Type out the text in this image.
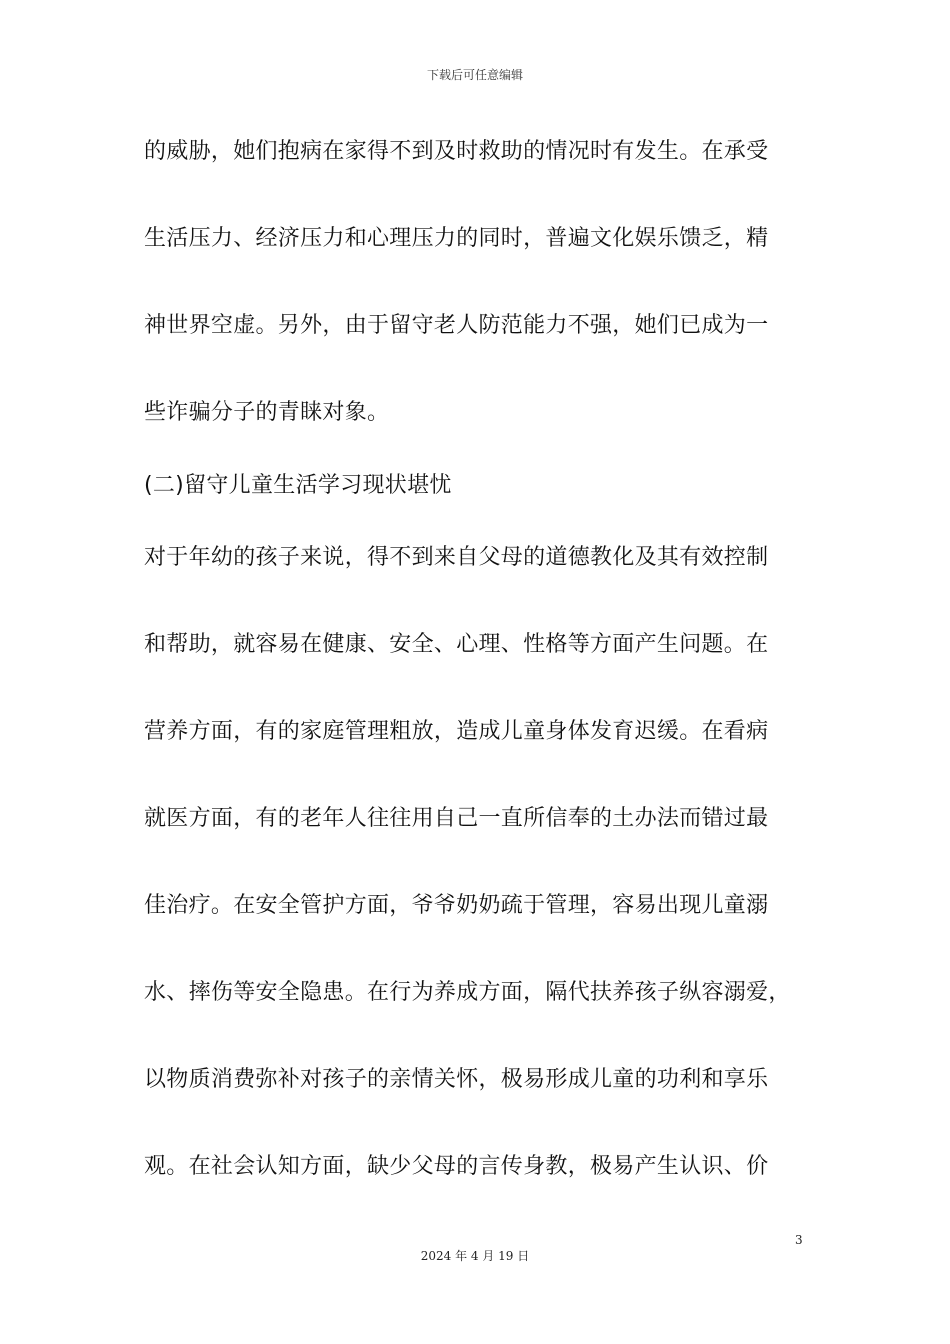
下载后可任意编辑
的威胁，她们抱病在家得不到及时救助的情况时有发生。在承受
生活压力、经济压力和心理压力的同时，普遍文化娱乐馈乏，精
神世界空虚。另外，由于留守老人防范能力不强，她们已成为一
些诈骗分子的青睐对象。
(二)留守儿童生活学习现状堪忧
对于年幼的孩子来说，得不到来自父母的道德教化及其有效控制
和帮助，就容易在健康、安全、心理、性格等方面产生问题。在
营养方面，有的家庭管理粗放，造成儿童身体发育迟缓。在看病
就医方面，有的老年人往往用自己一直所信奉的土办法而错过最
佳治疗。在安全管护方面，爷爷奶奶疏于管理，容易出现儿童溺
水、摔伤等安全隐患。在行为养成方面，隔代扶养孩子纵容溺爱，
以物质消费弥补对孩子的亲情关怀，极易形成儿童的功利和享乐
观。在社会认知方面，缺少父母的言传身教，极易产生认识、价
3
2024 年 4 月 19 日
